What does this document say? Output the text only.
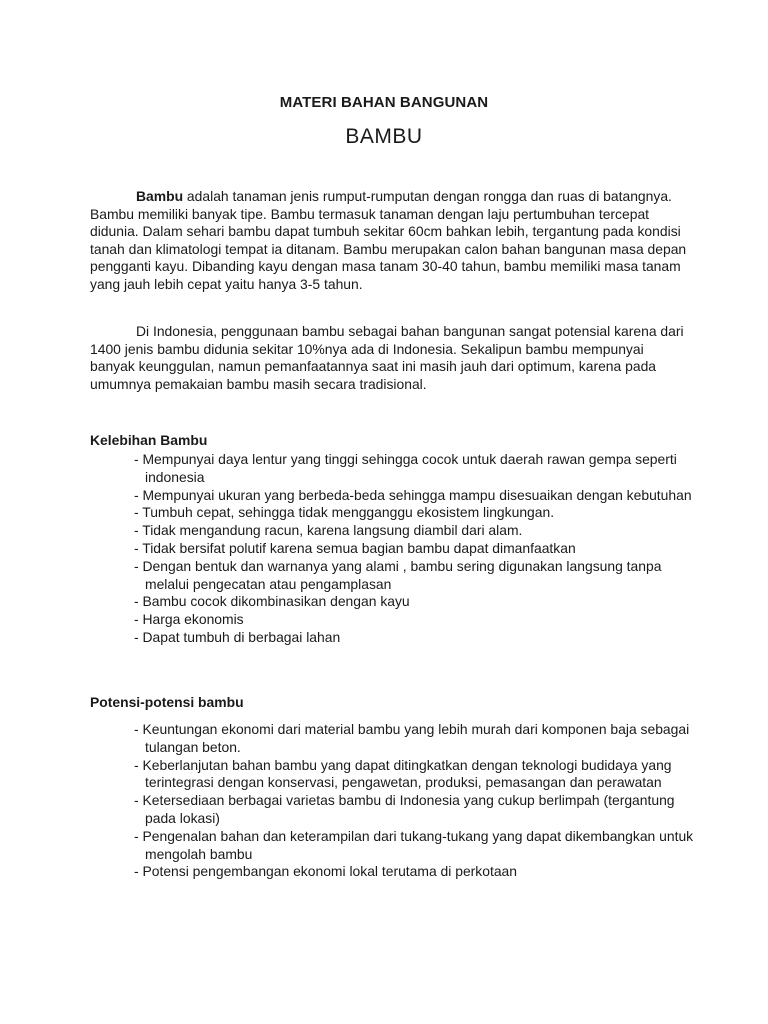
MATERI BAHAN BANGUNAN
BAMBU

Bambu adalah tanaman jenis rumput-rumputan dengan rongga dan ruas di batangnya. Bambu memiliki banyak tipe. Bambu termasuk tanaman dengan laju pertumbuhan tercepat didunia. Dalam sehari bambu dapat tumbuh sekitar 60cm bahkan lebih, tergantung pada kondisi tanah dan klimatologi tempat ia ditanam. Bambu merupakan calon bahan bangunan masa depan pengganti kayu. Dibanding kayu dengan masa tanam 30-40 tahun, bambu memiliki masa tanam yang jauh lebih cepat yaitu hanya 3-5 tahun.

Di Indonesia, penggunaan bambu sebagai bahan bangunan sangat potensial karena dari 1400 jenis bambu didunia sekitar 10%nya ada di Indonesia. Sekalipun bambu mempunyai banyak keunggulan, namun pemanfaatannya saat ini masih jauh dari optimum, karena pada umumnya pemakaian bambu masih secara tradisional.

Kelebihan Bambu
- Mempunyai daya lentur yang tinggi sehingga cocok untuk daerah rawan gempa seperti indonesia
- Mempunyai ukuran yang berbeda-beda sehingga mampu disesuaikan dengan kebutuhan
- Tumbuh cepat, sehingga tidak mengganggu ekosistem lingkungan.
- Tidak mengandung racun, karena langsung diambil dari alam.
- Tidak bersifat polutif karena semua bagian bambu dapat dimanfaatkan
- Dengan bentuk dan warnanya yang alami , bambu sering digunakan langsung tanpa melalui pengecatan atau pengamplasan
- Bambu cocok dikombinasikan dengan kayu
- Harga ekonomis
- Dapat tumbuh di berbagai lahan
Potensi-potensi bambu
- Keuntungan ekonomi dari material bambu yang lebih murah dari komponen baja sebagai tulangan beton.
- Keberlanjutan bahan bambu yang dapat ditingkatkan dengan teknologi budidaya yang terintegrasi dengan konservasi, pengawetan, produksi, pemasangan dan perawatan
- Ketersediaan berbagai varietas bambu di Indonesia yang cukup berlimpah (tergantung pada lokasi)
- Pengenalan bahan dan keterampilan dari tukang-tukang yang dapat dikembangkan untuk mengolah bambu
- Potensi pengembangan ekonomi lokal terutama di perkotaan
